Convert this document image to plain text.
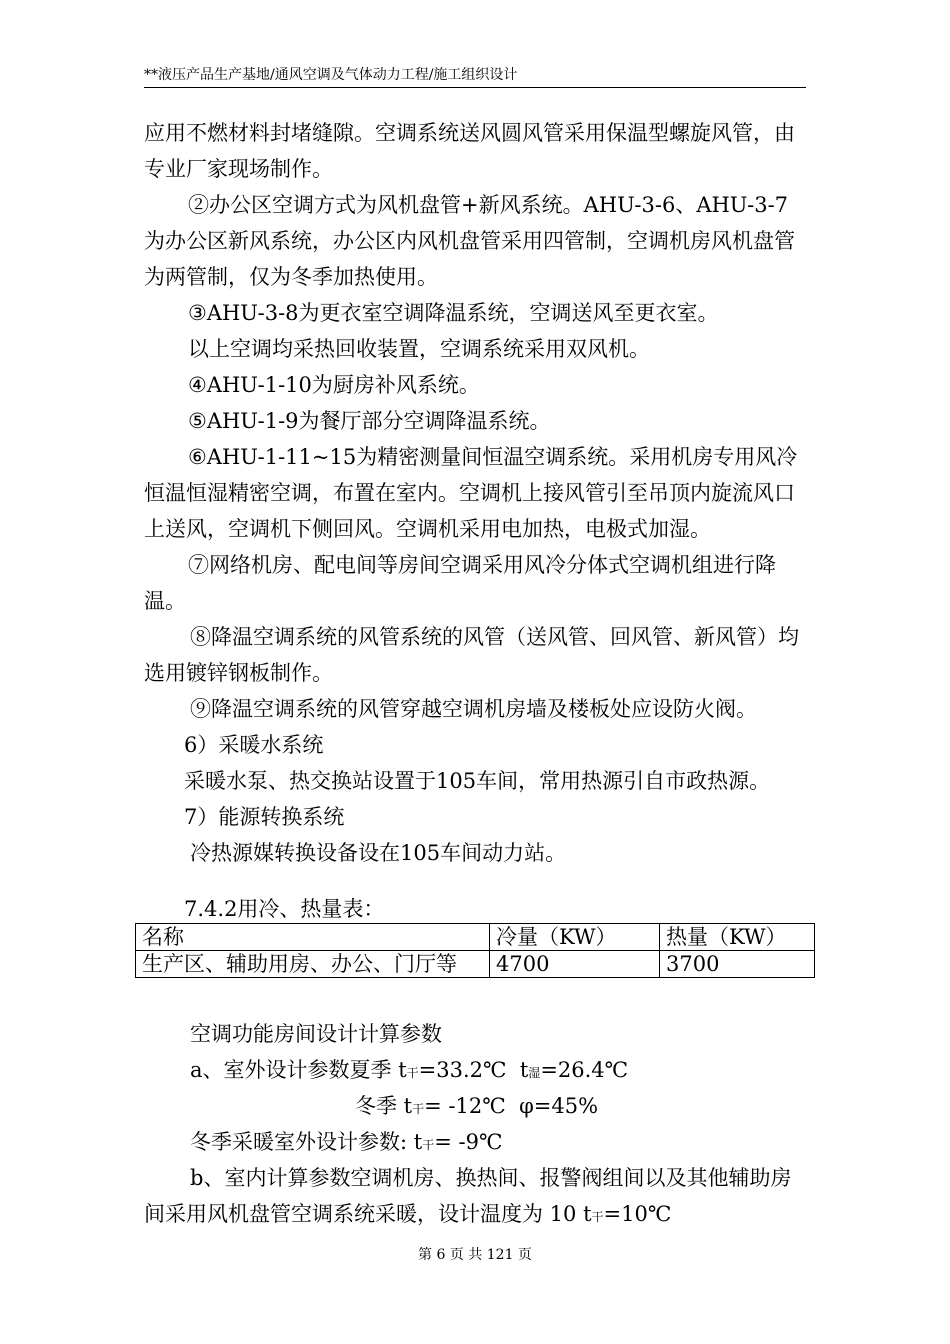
**液压产品生产基地/通风空调及气体动力工程/施工组织设计

应用不燃材料封堵缝隙。空调系统送风圆风管采用保温型螺旋风管，由专业厂家现场制作。

②办公区空调方式为风机盘管+新风系统。AHU-3-6、AHU-3-7为办公区新风系统，办公区内风机盘管采用四管制，空调机房风机盘管为两管制，仅为冬季加热使用。

③AHU-3-8为更衣室空调降温系统，空调送风至更衣室。

以上空调均采热回收装置，空调系统采用双风机。

④AHU-1-10为厨房补风系统。

⑤AHU-1-9为餐厅部分空调降温系统。

⑥AHU-1-11~15为精密测量间恒温空调系统。采用机房专用风冷恒温恒湿精密空调，布置在室内。空调机上接风管引至吊顶内旋流风口上送风，空调机下侧回风。空调机采用电加热，电极式加湿。

⑦网络机房、配电间等房间空调采用风冷分体式空调机组进行降温。

⑧降温空调系统的风管系统的风管（送风管、回风管、新风管）均选用镀锌钢板制作。

⑨降温空调系统的风管穿越空调机房墙及楼板处应设防火阀。

6）采暖水系统

采暖水泵、热交换站设置于105车间，常用热源引自市政热源。

7）能源转换系统

冷热源媒转换设备设在105车间动力站。

7.4.2用冷、热量表：

名称	冷量（KW）	热量（KW）
生产区、辅助用房、办公、门厅等	4700	3700

空调功能房间设计计算参数

a、室外设计参数夏季 t干=33.2℃  t湿=26.4℃

冬季 t干= -12℃  φ=45%

冬季采暖室外设计参数: t干= -9℃

b、室内计算参数空调机房、换热间、报警阀组间以及其他辅助房间采用风机盘管空调系统采暖，设计温度为 10 t干=10℃

第 6 页 共 121 页
